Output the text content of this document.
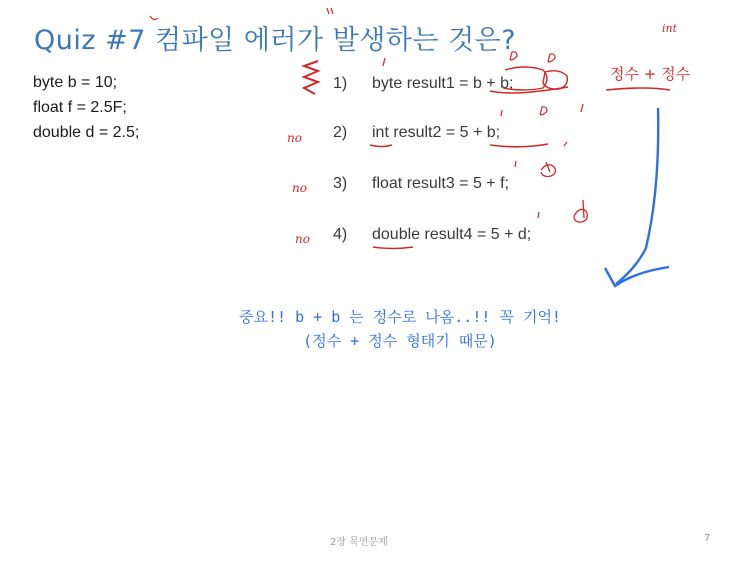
Quiz #7 컴파일 에러가 발생하는 것은?
byte b = 10;
float f = 2.5F;
double d = 2.5;
1) byte result1 = b + b;
2) int result2 = 5 + b;
3) float result3 = 5 + f;
4) double result4 = 5 + d;
no
no
no
int
정수 + 정수
중요!! b + b 는 정수로 나옴..!! 꼭 기억!
(정수 + 정수 형태기 때문)
2장 묵연문제	7
